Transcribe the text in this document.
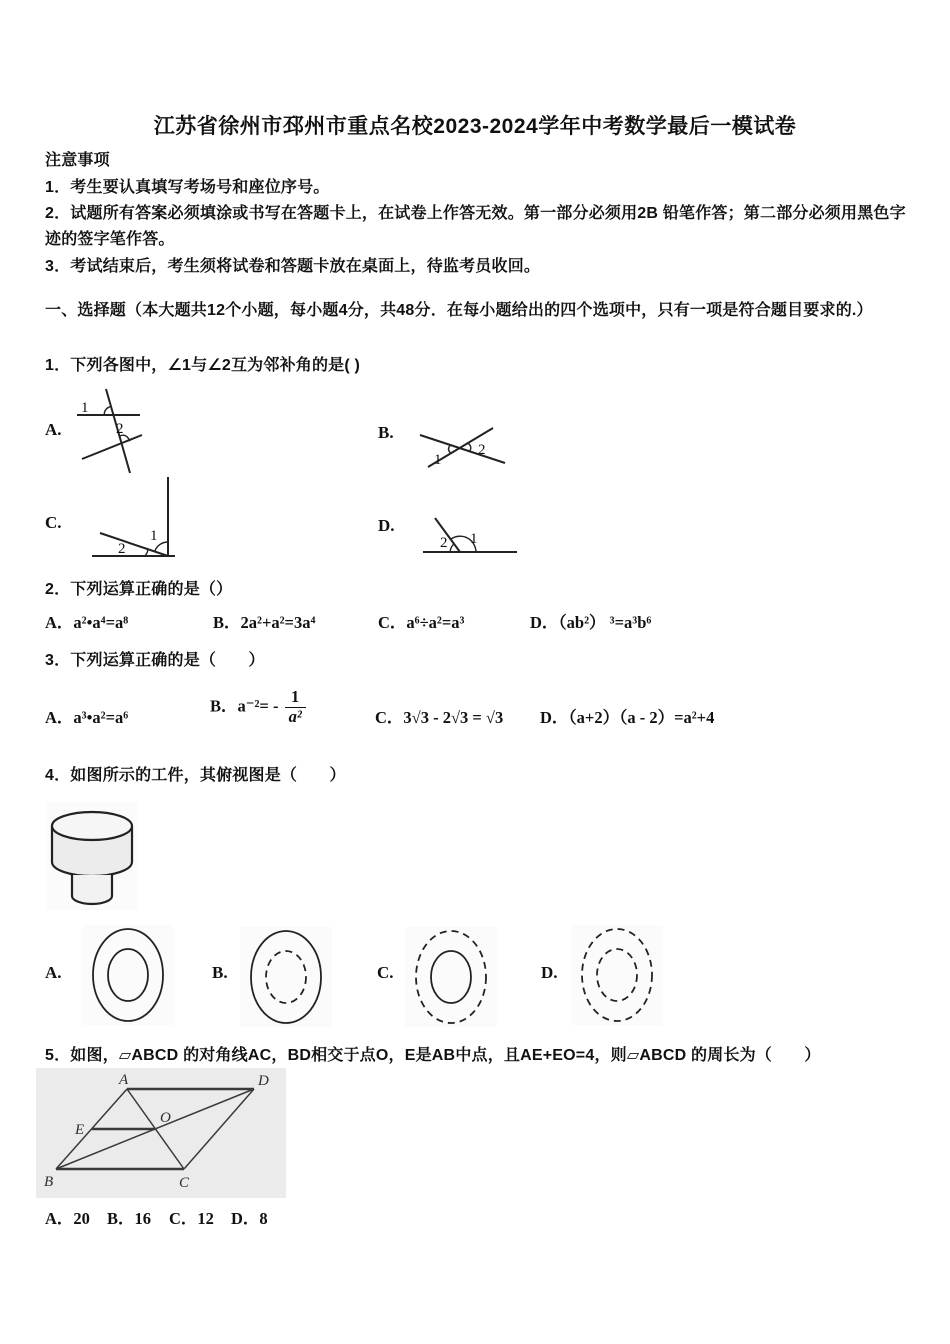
江苏省徐州市邳州市重点名校2023-2024学年中考数学最后一模试卷
注意事项
1．考生要认真填写考场号和座位序号。
2．试题所有答案必须填涂或书写在答题卡上，在试卷上作答无效。第一部分必须用2B 铅笔作答；第二部分必须用黑色字迹的签字笔作答。
3．考试结束后，考生须将试卷和答题卡放在桌面上，待监考员收回。
一、选择题（本大题共12个小题，每小题4分，共48分．在每小题给出的四个选项中，只有一项是符合题目要求的.）
1．下列各图中，∠1与∠2互为邻补角的是( )
A.
1
2	B.
1
2
C.
1
2
D.
2 1
2．下列运算正确的是（）
A．a²•a⁴=a⁸	B．2a²+a²=3a⁴	C．a⁶÷a²=a³	D．（ab²） ³=a³b⁶
3．下列运算正确的是（　　）
A．a³•a²=a⁶
B．$a^{-2}= - \frac{1}{\text{a²}}$	C．3√3 - 2√3 = √3 D．（a+2）（a - 2）=a²+4
4．如图所示的工件，其俯视图是（　　）
A.	B.	C.	D.
5．如图，▱ABCD 的对角线AC，BD相交于点O，E是AB中点，且AE+EO=4，则▱ABCD 的周长为（　　）
A	D
B	C
E
O
A．20 B．16 C．12 D．8
